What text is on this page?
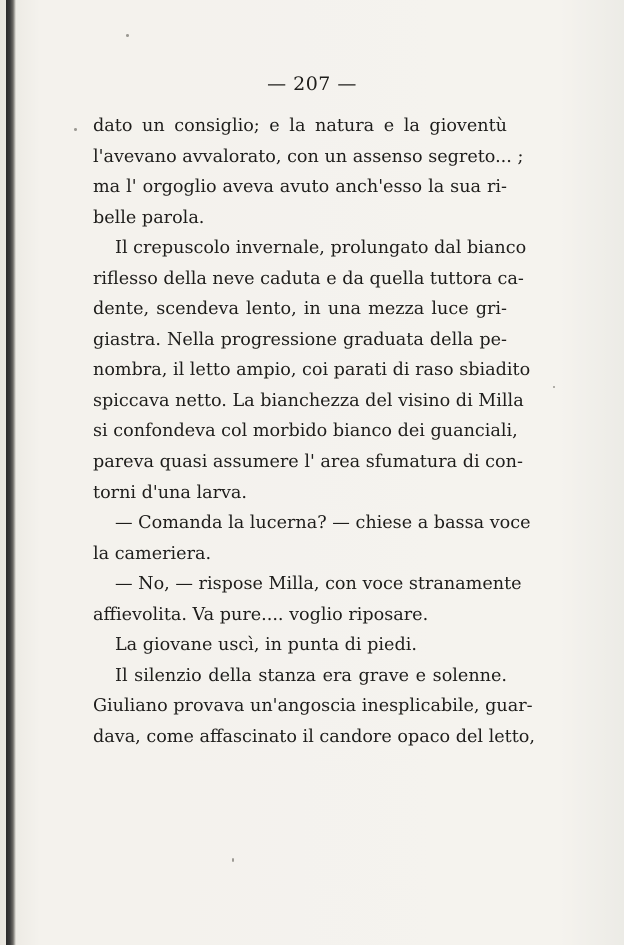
— 207 —
dato un consiglio; e la natura e la gioventù
l'avevano avvalorato, con un assenso segreto... ;
ma l' orgoglio aveva avuto anch'esso la sua ri-
belle parola.
Il crepuscolo invernale, prolungato dal bianco
riflesso della neve caduta e da quella tuttora ca-
dente, scendeva lento, in una mezza luce gri-
giastra. Nella progressione graduata della pe-
nombra, il letto ampio, coi parati di raso sbiadito
spiccava netto. La bianchezza del visino di Milla
si confondeva col morbido bianco dei guanciali,
pareva quasi assumere l' area sfumatura di con-
torni d'una larva.
— Comanda la lucerna? — chiese a bassa voce
la cameriera.
— No, — rispose Milla, con voce stranamente
affievolita. Va pure.... voglio riposare.
La giovane uscì, in punta di piedi.
Il silenzio della stanza era grave e solenne.
Giuliano provava un'angoscia inesplicabile, guar-
dava, come affascinato il candore opaco del letto,
